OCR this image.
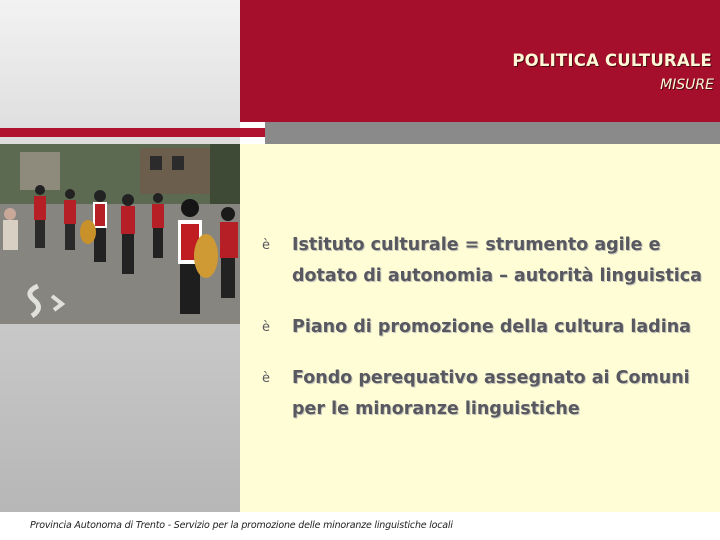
POLITICA CULTURALE
MISURE
è Istituto culturale = strumento agile e
dotato di autonomia – autorità linguistica
è Piano di promozione della cultura ladina
è Fondo perequativo assegnato ai Comuni
per le minoranze linguistiche
Provincia Autonoma di Trento - Servizio per la promozione delle minoranze linguistiche locali
